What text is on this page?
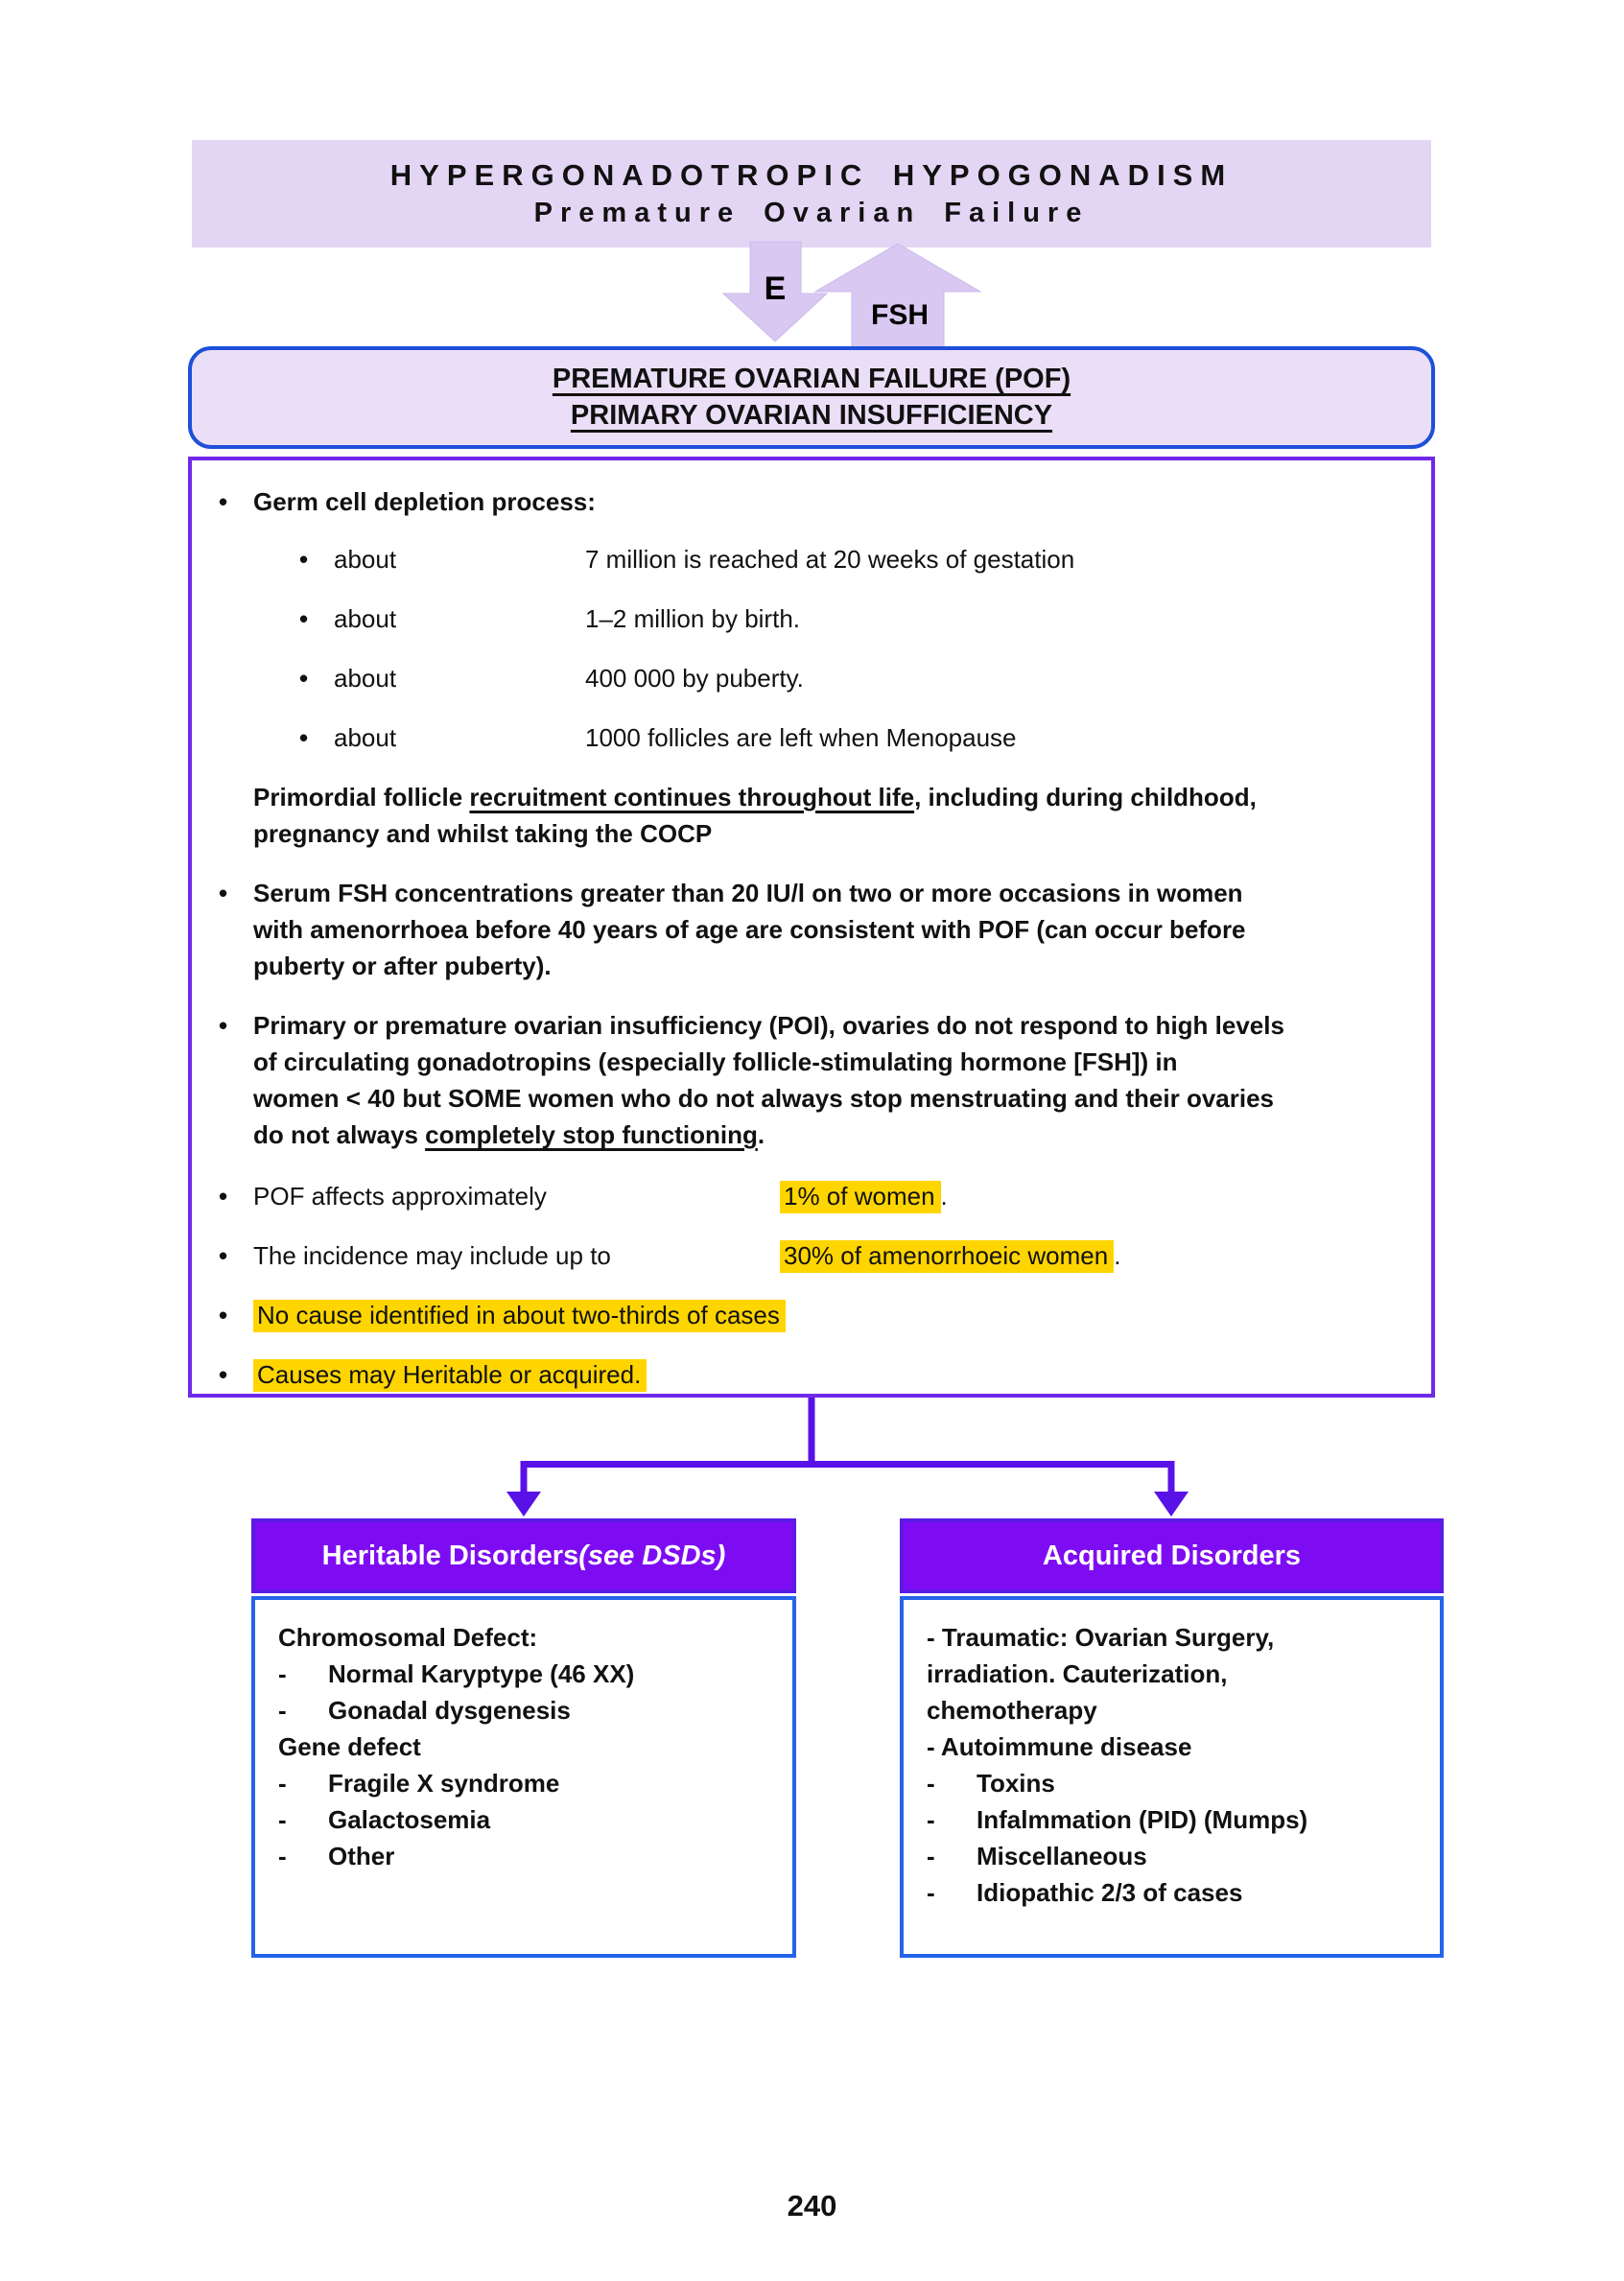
HYPERGONADOTROPIC HYPOGONADISM
Premature Ovarian Failure
E
FSH
PREMATURE OVARIAN FAILURE (POF)
PRIMARY OVARIAN INSUFFICIENCY
•
Germ cell depletion process:
•
about	7 million is reached at 20 weeks of gestation
•
about	1–2 million by birth.
•
about	400 000 by puberty.
•
about	1000 follicles are left when Menopause
Primordial follicle recruitment continues throughout life, including during childhood,
pregnancy and whilst taking the COCP
•
Serum FSH concentrations greater than 20 IU/l on two or more occasions in women
with amenorrhoea before 40 years of age are consistent with POF (can occur before
puberty or after puberty).
•
Primary or premature ovarian insufficiency (POI), ovaries do not respond to high levels
of circulating gonadotropins (especially follicle-stimulating hormone [FSH]) in
women < 40 but SOME women who do not always stop menstruating and their ovaries
do not always completely stop functioning.
•
POF affects approximately	1% of women .
•
The incidence may include up to	30% of amenorrhoeic women .
•
No cause identified in about two-thirds of cases
•
Causes may Heritable or acquired.
Heritable Disorders (see DSDs)	Acquired Disorders
Chromosomal Defect:
-	Normal Karyptype (46 XX)
-	Gonadal dysgenesis
Gene defect
-	Fragile X syndrome
-	Galactosemia
-	Other
- Traumatic: Ovarian Surgery,
irradiation. Cauterization,
chemotherapy
- Autoimmune disease
-	Toxins
-	Infalmmation (PID) (Mumps)
-	Miscellaneous
-	Idiopathic 2/3 of cases
240
